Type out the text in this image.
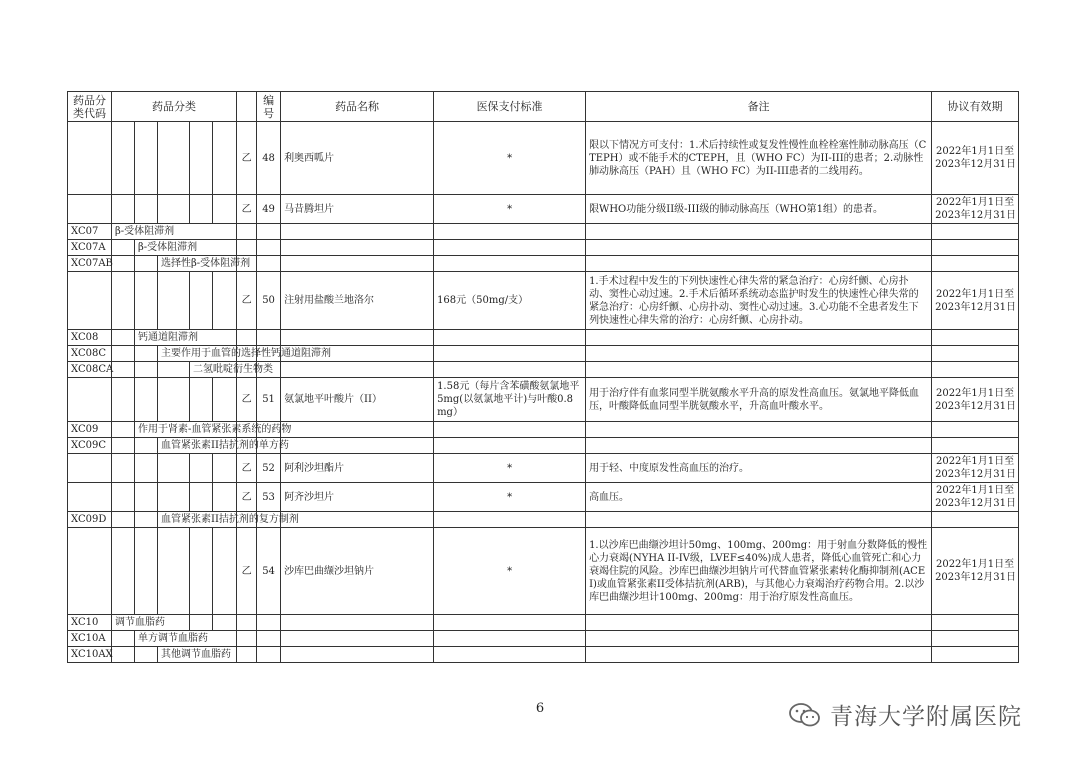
药品分类代码	药品分类						编号	药品名称	医保支付标准	备注	协议有效期
						乙	48	利奥西呱片	*	限以下情况方可支付：1.术后持续性或复发性慢性血栓栓塞性肺动脉高压（CTEPH）或不能手术的CTEPH，且（WHO FC）为II-III的患者；2.动脉性肺动脉高压（PAH）且（WHO FC）为II-III患者的二线用药。	2022年1月1日至
2023年12月31日
						乙	49	马昔腾坦片	*	限WHO功能分级II级-III级的肺动脉高压（WHO第1组）的患者。	2022年1月1日至
2023年12月31日
XC07	β-受体阻滞剂										
XC07A		β-受体阻滞剂									
XC07AB			选择性β-受体阻滞剂								
						乙	50	注射用盐酸兰地洛尔	168元（50mg/支）	1.手术过程中发生的下列快速性心律失常的紧急治疗：心房纤颤、心房扑动、窦性心动过速。2.手术后循环系统动态监护时发生的快速性心律失常的紧急治疗：心房纤颤、心房扑动、窦性心动过速。3.心功能不全患者发生下列快速性心律失常的治疗：心房纤颤、心房扑动。	2022年1月1日至
2023年12月31日
XC08		钙通道阻滞剂									
XC08C			主要作用于血管的选择性钙通道阻滞剂								
XC08CA				二氢吡啶衍生物类							
						乙	51	氨氯地平叶酸片（II）	1.58元（每片含苯磺酸氨氯地平5mg(以氨氯地平计)与叶酸0.8mg）	用于治疗伴有血浆同型半胱氨酸水平升高的原发性高血压。氨氯地平降低血压，叶酸降低血同型半胱氨酸水平，升高血叶酸水平。	2022年1月1日至
2023年12月31日
XC09		作用于肾素-血管紧张素系统的药物									
XC09C			血管紧张素II拮抗剂的单方药								
						乙	52	阿利沙坦酯片	*	用于轻、中度原发性高血压的治疗。	2022年1月1日至
2023年12月31日
						乙	53	阿齐沙坦片	*	高血压。	2022年1月1日至
2023年12月31日
XC09D			血管紧张素II拮抗剂的复方制剂								
						乙	54	沙库巴曲缬沙坦钠片	*	1.以沙库巴曲缬沙坦计50mg、100mg、200mg：用于射血分数降低的慢性心力衰竭(NYHA II-IV级，LVEF≤40%)成人患者，降低心血管死亡和心力衰竭住院的风险。沙库巴曲缬沙坦钠片可代替血管紧张素转化酶抑制剂(ACEI)或血管紧张素II受体拮抗剂(ARB)，与其他心力衰竭治疗药物合用。2.以沙库巴曲缬沙坦计100mg、200mg：用于治疗原发性高血压。	2022年1月1日至
2023年12月31日
XC10	调节血脂药										
XC10A		单方调节血脂药									
XC10AX			其他调节血脂药								
6	青海大学附属医院
